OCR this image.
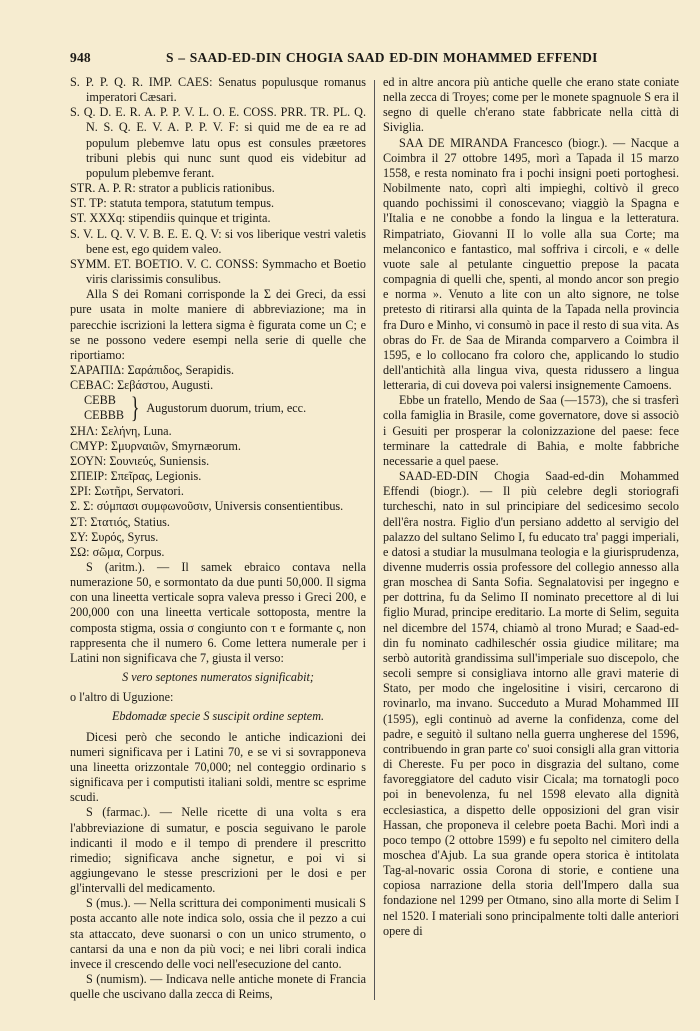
948	S – SAAD-ED-DIN CHOGIA SAAD ED-DIN MOHAMMED EFFENDI

S. P. P. Q. R. IMP. CAES: Senatus populusque romanus imperatori Cæsari.

S. Q. D. E. R. A. P. P. V. L. O. E. COSS. PRR. TR. PL. Q. N. S. Q. E. V. A. P. P. V. F: si quid me de ea re ad populum plebemve latu opus est consules præetores tribuni plebis qui nunc sunt quod eis videbitur ad populum plebemve ferant.

STR. A. P. R: strator a publicis rationibus.

ST. TP: statuta tempora, statutum tempus.

ST. XXXq: stipendiis quinque et triginta.

S. V. L. Q. V. V. B. E. E. Q. V: si vos liberique vestri valetis bene est, ego quidem valeo.

SYMM. ET. BOETIO. V. C. CONSS: Symmacho et Boetio viris clarissimis consulibus.

Alla S dei Romani corrisponde la Σ dei Greci, da essi pure usata in molte maniere di abbreviazione; ma in parecchie iscrizioni la lettera sigma è figurata come un C; e se ne possono vedere esempi nella serie di quelle che riportiamo:

ΣΑΡΑΠΙΔ: Σαράπιδος, Serapidis.

CEBAC: Σεβάστου, Augusti.

CEBB
CEBBB } Augustorum duorum, trium, ecc.

ΣΗΛ: Σελήνη, Luna.

CMYP: Σμυρναιῶν, Smyrnæorum.

ΣΟΥΝ: Σουνιεύς, Suniensis.

ΣΠΕΙΡ: Σπεῖρας, Legionis.

ΣΡΙ: Σωτῆρι, Servatori.

Σ. Σ: σύμπασι συμφωνοῦσιν, Universis consentientibus.

ΣΤ: Στατιός, Statius.

ΣΥ: Συρός, Syrus.

ΣΩ: σῶμα, Corpus.

S (aritm.). — Il samek ebraico contava nella numerazione 50, e sormontato da due punti 50,000. Il sigma con una lineetta verticale sopra valeva presso i Greci 200, e 200,000 con una lineetta verticale sottoposta, mentre la composta stigma, ossia σ congiunto con τ e formante ς, non rappresenta che il numero 6. Come lettera numerale per i Latini non significava che 7, giusta il verso:

S vero septones numeratos significabit;

o l'altro di Uguzione:

Ebdomadæ specie S suscipit ordine septem.

Dicesi però che secondo le antiche indicazioni dei numeri significava per i Latini 70, e se vi si sovrapponeva una lineetta orizzontale 70,000; nel conteggio ordinario s significava per i computisti italiani soldi, mentre sc esprime scudi.

S (farmac.). — Nelle ricette di una volta s era l'abbreviazione di sumatur, e poscia seguivano le parole indicanti il modo e il tempo di prendere il prescritto rimedio; significava anche signetur, e poi vi si aggiungevano le stesse prescrizioni per le dosi e per gl'intervalli del medicamento.

S (mus.). — Nella scrittura dei componimenti musicali S posta accanto alle note indica solo, ossia che il pezzo a cui sta attaccato, deve suonarsi o con un unico strumento, o cantarsi da una e non da più voci; e nei libri corali indica invece il crescendo delle voci nell'esecuzione del canto.

S (numism). — Indicava nelle antiche monete di Francia quelle che uscivano dalla zecca di Reims,

ed in altre ancora più antiche quelle che erano state coniate nella zecca di Troyes; come per le monete spagnuole S era il segno di quelle ch'erano state fabbricate nella città di Siviglia.

SAA DE MIRANDA Francesco (biogr.). — Nacque a Coimbra il 27 ottobre 1495, morì a Tapada il 15 marzo 1558, e resta nominato fra i pochi insigni poeti portoghesi. Nobilmente nato, coprì alti impieghi, coltivò il greco quando pochissimi il conoscevano; viaggiò la Spagna e l'Italia e ne conobbe a fondo la lingua e la letteratura. Rimpatriato, Giovanni II lo volle alla sua Corte; ma melanconico e fantastico, mal soffriva i circoli, e « delle vuote sale al petulante cinguettio prepose la pacata compagnia di quelli che, spenti, al mondo ancor son pregio e norma ». Venuto a lite con un alto signore, ne tolse pretesto di ritirarsi alla quinta de la Tapada nella provincia fra Duro e Minho, vi consumò in pace il resto di sua vita. As obras do Fr. de Saa de Miranda comparvero a Coimbra il 1595, e lo collocano fra coloro che, applicando lo studio dell'antichità alla lingua viva, questa ridussero a lingua letteraria, di cui doveva poi valersi insignemente Camoens.

Ebbe un fratello, Mendo de Saa (—1573), che si trasferì colla famiglia in Brasile, come governatore, dove si associò i Gesuiti per prosperar la colonizzazione del paese: fece terminare la cattedrale di Bahia, e molte fabbriche necessarie a quel paese.

SAAD-ED-DIN Chogia Saad-ed-din Mohammed Effendi (biogr.). — Il più celebre degli storiografi turcheschi, nato in sul principiare del sedicesimo secolo dell'êra nostra. Figlio d'un persiano addetto al servigio del palazzo del sultano Selimo I, fu educato tra' paggi imperiali, e datosi a studiar la musulmana teologia e la giurisprudenza, divenne muderris ossia professore del collegio annesso alla gran moschea di Santa Sofia. Segnalatovisi per ingegno e per dottrina, fu da Selimo II nominato precettore al di lui figlio Murad, principe ereditario. La morte di Selim, seguita nel dicembre del 1574, chiamò al trono Murad; e Saad-ed-din fu nominato cadhileschér ossia giudice militare; ma serbò autorità grandissima sull'imperiale suo discepolo, che secoli sempre si consigliava intorno alle gravi materie di Stato, per modo che ingelositine i visiri, cercarono di rovinarlo, ma invano. Succeduto a Murad Mohammed III (1595), egli continuò ad averne la confidenza, come del padre, e seguitò il sultano nella guerra ungherese del 1596, contribuendo in gran parte co' suoi consigli alla gran vittoria di Chereste. Fu per poco in disgrazia del sultano, come favoreggiatore del caduto visir Cicala; ma tornatogli poco poi in benevolenza, fu nel 1598 elevato alla dignità ecclesiastica, a dispetto delle opposizioni del gran visir Hassan, che proponeva il celebre poeta Bachi. Morì indi a poco tempo (2 ottobre 1599) e fu sepolto nel cimitero della moschea d'Ajub. La sua grande opera storica è intitolata Tag-al-novaric ossia Corona di storie, e contiene una copiosa narrazione della storia dell'Impero dalla sua fondazione nel 1299 per Otmano, sino alla morte di Selim I nel 1520. I materiali sono principalmente tolti dalle anteriori opere di
